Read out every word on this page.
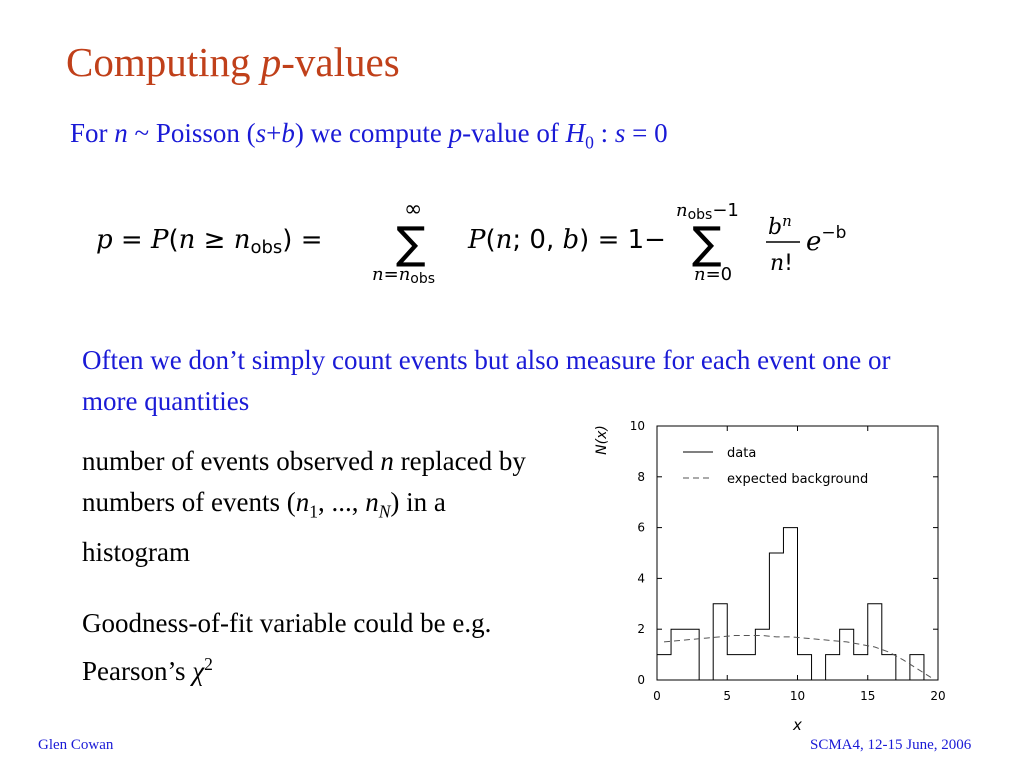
Computing p-values
For n ~ Poisson (s+b) we compute p-value of $H_0$ : s = 0
p = P(n ≥ nobs) =
∞
∑
n=nobs
P(n; 0, b) = 1−
nobs−1
∑
n=0
$b^n$
n!
$e^{-b}$
Often we don’t simply count events but also measure for each event one or more quantities
number of events observed n replaced by numbers of events ($n_1$, ..., $n_N$) in a histogram
Goodness-of-fit variable could be e.g. Pearson’s $\chi^2$
0	5	10	15	20
0
2
4
6
8
10
x
N(x)	data
expected background
Glen Cowan	SCMA4, 12-15 June, 2006
